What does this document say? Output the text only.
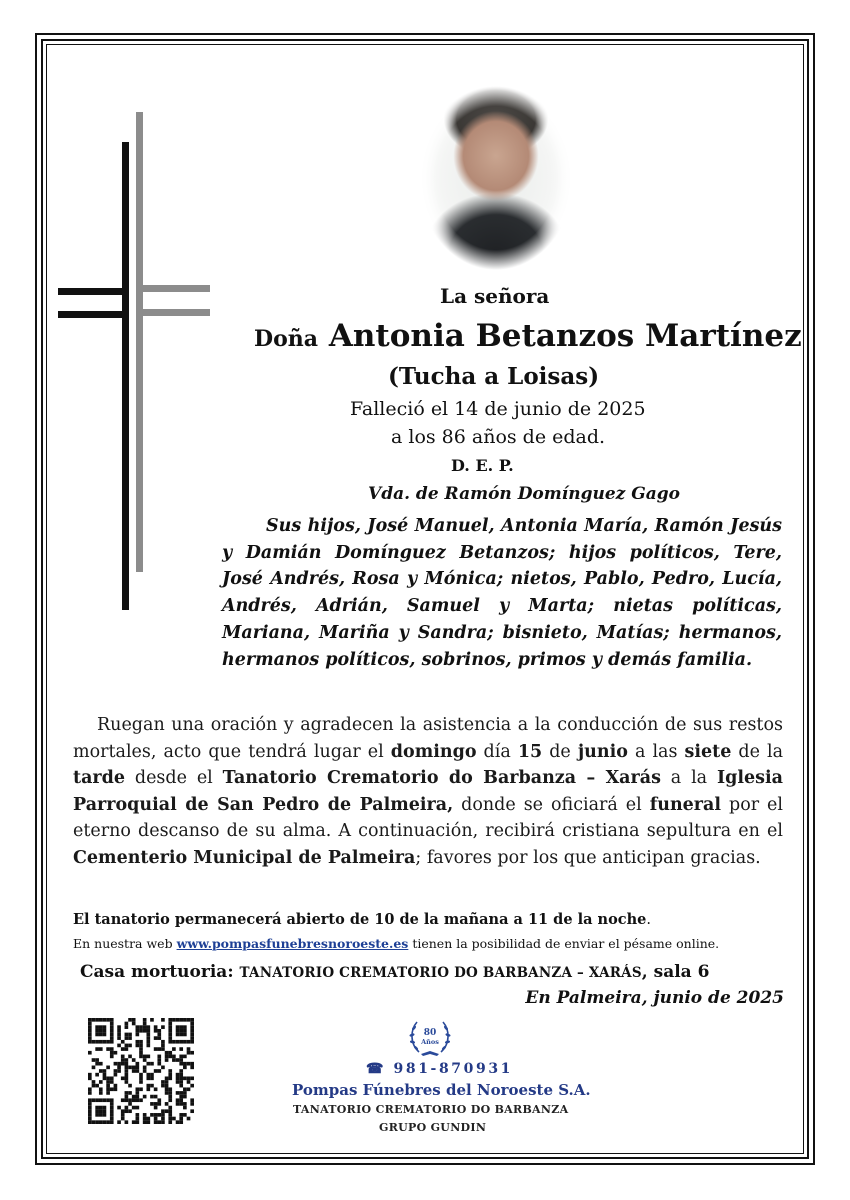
La señora
Doña Antonia Betanzos Martínez
(Tucha a Loisas)
Falleció el 14 de junio de 2025
a los 86 años de edad.
D. E. P.
Vda. de Ramón Domínguez Gago
Sus hijos, José Manuel, Antonia María, Ramón Jesús y Damián Domínguez Betanzos; hijos políticos, Tere, José Andrés, Rosa y Mónica; nietos, Pablo, Pedro, Lucía, Andrés, Adrián, Samuel y Marta; nietas políticas, Mariana, Mariña y Sandra; bisnieto, Matías; hermanos, hermanos políticos, sobrinos, primos y demás familia.
Ruegan una oración y agradecen la asistencia a la conducción de sus restos mortales, acto que tendrá lugar el domingo día 15 de junio a las siete de la tarde desde el Tanatorio Crematorio do Barbanza – Xarás a la Iglesia Parroquial de San Pedro de Palmeira, donde se oficiará el funeral por el eterno descanso de su alma. A continuación, recibirá cristiana sepultura en el Cementerio Municipal de Palmeira; favores por los que anticipan gracias.
El tanatorio permanecerá abierto de 10 de la mañana a 11 de la noche.
En nuestra web www.pompasfunebresnoroeste.es tienen la posibilidad de enviar el pésame online.
Casa mortuoria: TANATORIO CREMATORIO DO BARBANZA – XARÁS, sala 6
En Palmeira, junio de 2025
80
Años
☎ 981-870931
Pompas Fúnebres del Noroeste S.A.
TANATORIO CREMATORIO DO BARBANZA
GRUPO GUNDIN
